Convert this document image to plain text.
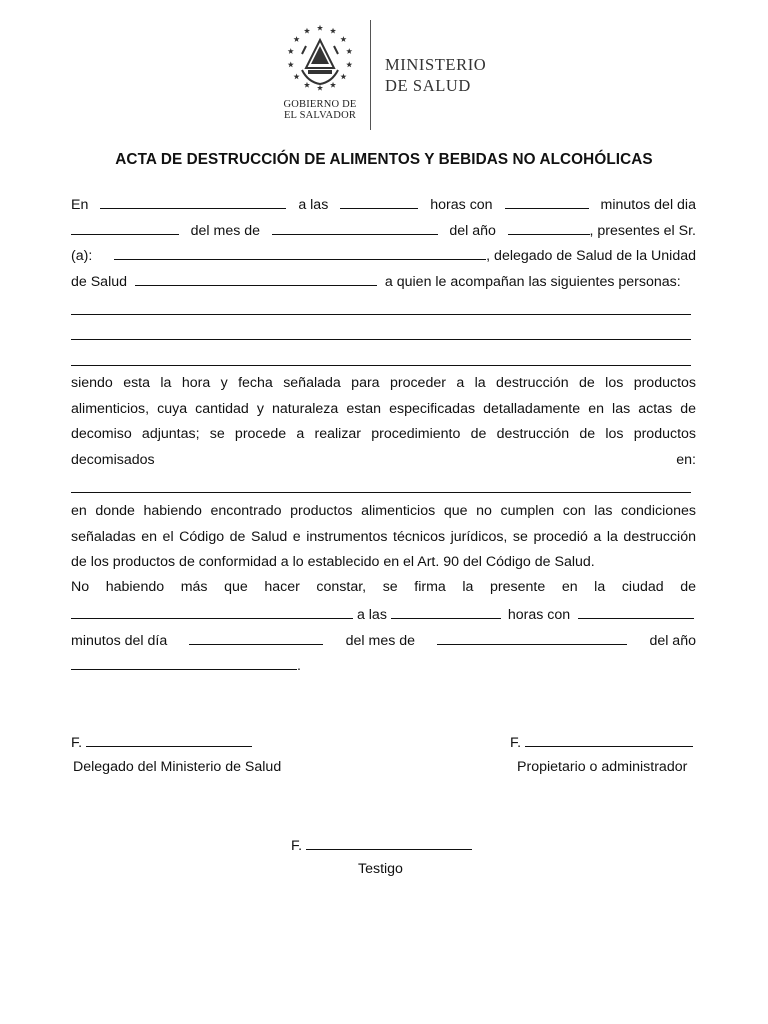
GOBIERNO DE
EL SALVADOR
MINISTERIO
DE SALUD
ACTA DE DESTRUCCIÓN DE ALIMENTOS Y BEBIDAS NO ALCOHÓLICAS
En	a las	horas con	minutos del dia
del mes de	del año	, presentes el Sr.
(a):	, delegado de Salud de la Unidad
de Salud	a quien le acompañan las siguientes personas:
siendo esta la hora y fecha señalada para proceder a la destrucción de los productos
alimenticios, cuya cantidad y naturaleza estan especificadas detalladamente en las actas de
decomiso adjuntas; se procede a realizar procedimiento de destrucción de los productos
decomisados	en:
en donde habiendo encontrado productos alimenticios que no cumplen con las condiciones
señaladas en el Código de Salud e instrumentos técnicos jurídicos, se procedió a la destrucción
de los productos de conformidad a lo establecido en el Art. 90 del Código de Salud.
No habiendo más que hacer constar, se firma la presente en la ciudad de
a las	horas con
minutos del día	del mes de	del año
.
F.
Delegado del Ministerio de Salud
F.
Propietario o administrador
F.
Testigo
